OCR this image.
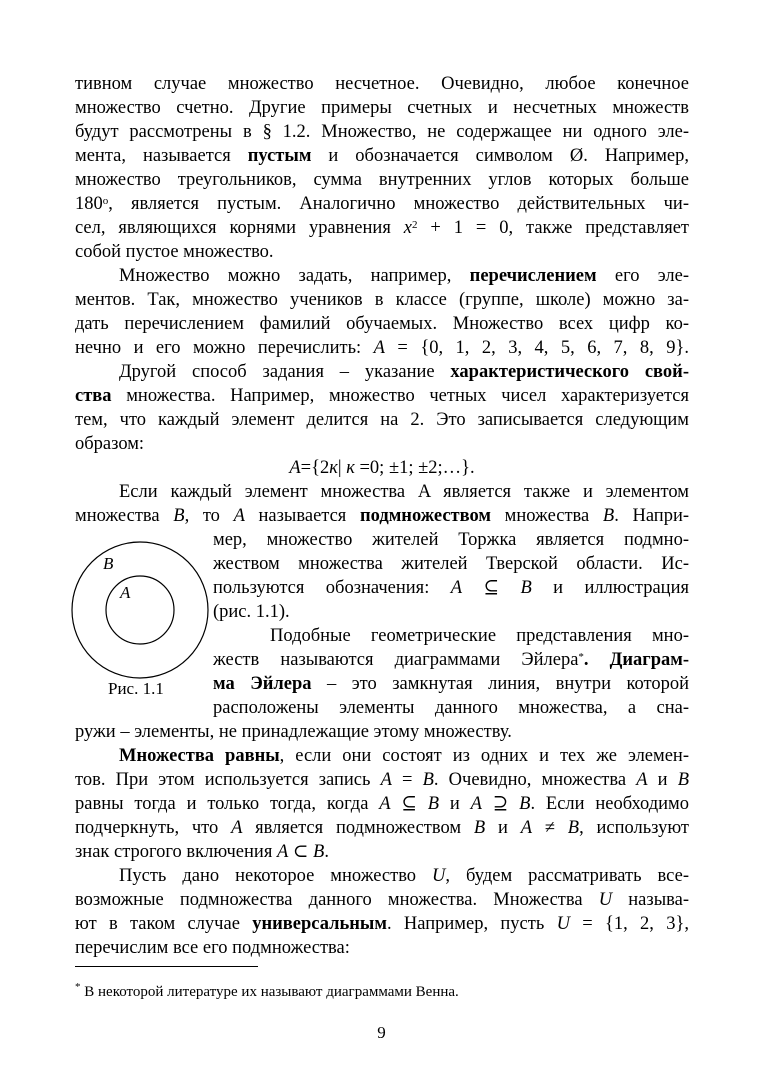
тивном случае множество несчетное. Очевидно, любое конечное
множество счетно. Другие примеры счетных и несчетных множеств
будут рассмотрены в § 1.2. Множество, не содержащее ни одного эле-
мента, называется пустым и обозначается символом Ø. Например,
множество треугольников, сумма внутренних углов которых больше
$180^о$, является пустым. Аналогично множество действительных чи-
сел, являющихся корнями уравнения $x^2 + 1 = 0$, также представляет
собой пустое множество.
Множество можно задать, например, перечислением его эле-
ментов. Так, множество учеников в классе (группе, школе) можно за-
дать перечислением фамилий обучаемых. Множество всех цифр ко-
нечно и его можно перечислить: A = {0, 1, 2, 3, 4, 5, 6, 7, 8, 9}.
Другой способ задания – указание характеристического свой-
ства множества. Например, множество четных чисел характеризуется
тем, что каждый элемент делится на 2. Это записывается следующим
образом:
A={2к| к =0; ±1; ±2;…}.
Если каждый элемент множества A является также и элементом
множества B, то A называется подмножеством множества B. Напри-
мер, множество жителей Торжка является подмно-
жеством множества жителей Тверской области. Ис-
пользуются обозначения: A ⊆ B и иллюстрация
(рис. 1.1).
Подобные геометрические представления мно-
жеств называются диаграммами Эйлера*. Диаграм-
ма Эйлера – это замкнутая линия, внутри которой
расположены элементы данного множества, а сна-
ружи – элементы, не принадлежащие этому множеству.
B
A
Рис. 1.1
Множества равны, если они состоят из одних и тех же элемен-
тов. При этом используется запись A = B. Очевидно, множества A и B
равны тогда и только тогда, когда A ⊆ B и A ⊇ B. Если необходимо
подчеркнуть, что A является подмножеством B и A ≠ B, используют
знак строгого включения A ⊂ B.
Пусть дано некоторое множество U, будем рассматривать все-
возможные подмножества данного множества. Множества U называ-
ют в таком случае универсальным. Например, пусть U = {1, 2, 3},
перечислим все его подмножества:
* В некоторой литературе их называют диаграммами Венна.
9
